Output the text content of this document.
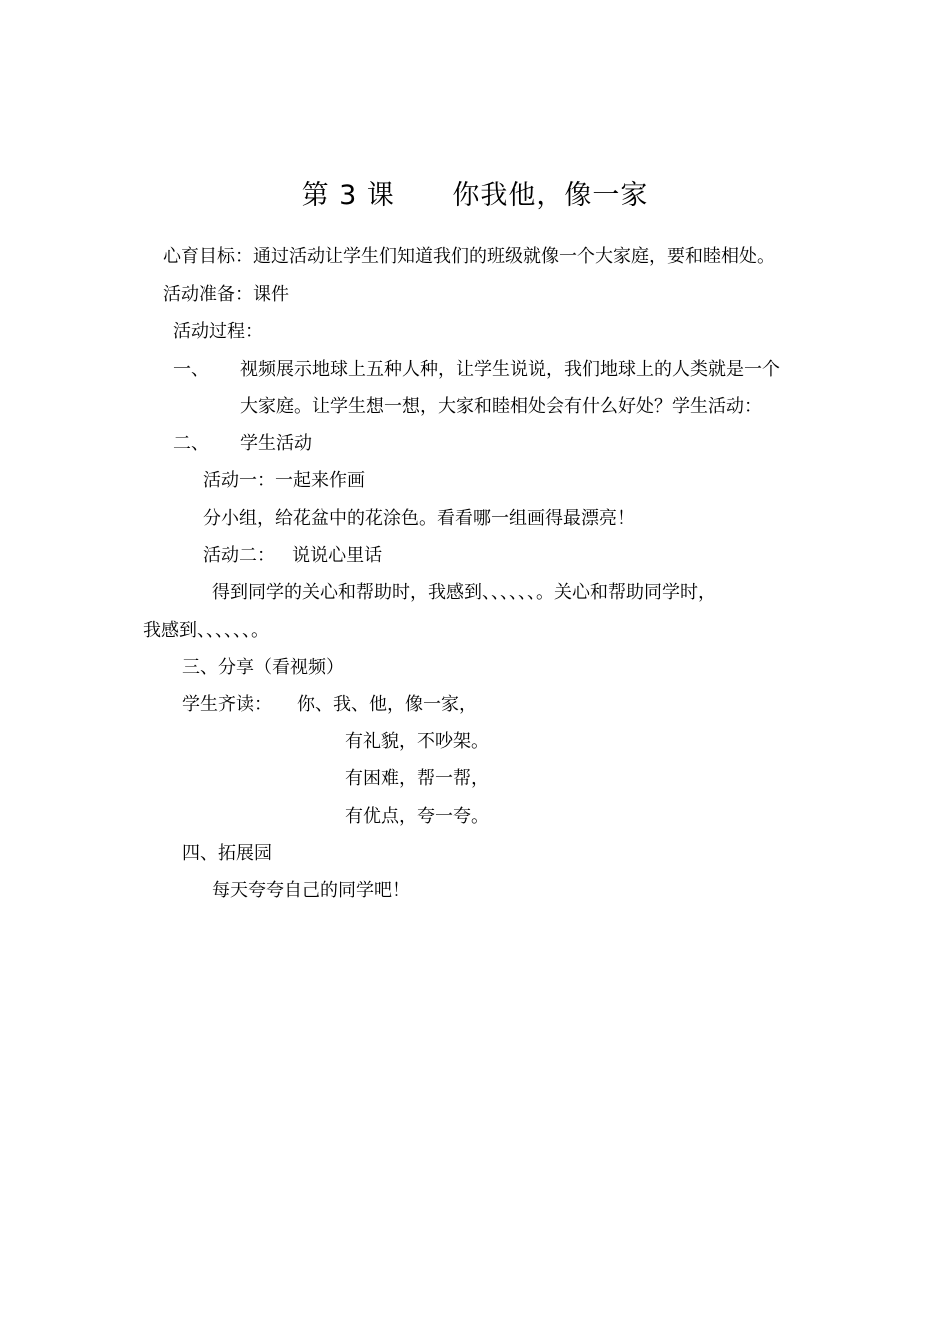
第 3 课      你我他，像一家
心育目标：通过活动让学生们知道我们的班级就像一个大家庭，要和睦相处。
活动准备：课件
活动过程：
一、 视频展示地球上五种人种，让学生说说，我们地球上的人类就是一个
大家庭。让学生想一想，大家和睦相处会有什么好处？学生活动：
二、 学生活动
活动一：一起来作画
分小组，给花盆中的花涂色。看看哪一组画得最漂亮！
活动二：   说说心里话
得到同学的关心和帮助时，我感到、、、、、、。关心和帮助同学时，
我感到、、、、、、。
三、分享（看视频）
学生齐读： 你、我、他，像一家，
有礼貌，不吵架。
有困难，帮一帮，
有优点，夸一夸。
四、拓展园
每天夸夸自己的同学吧！
